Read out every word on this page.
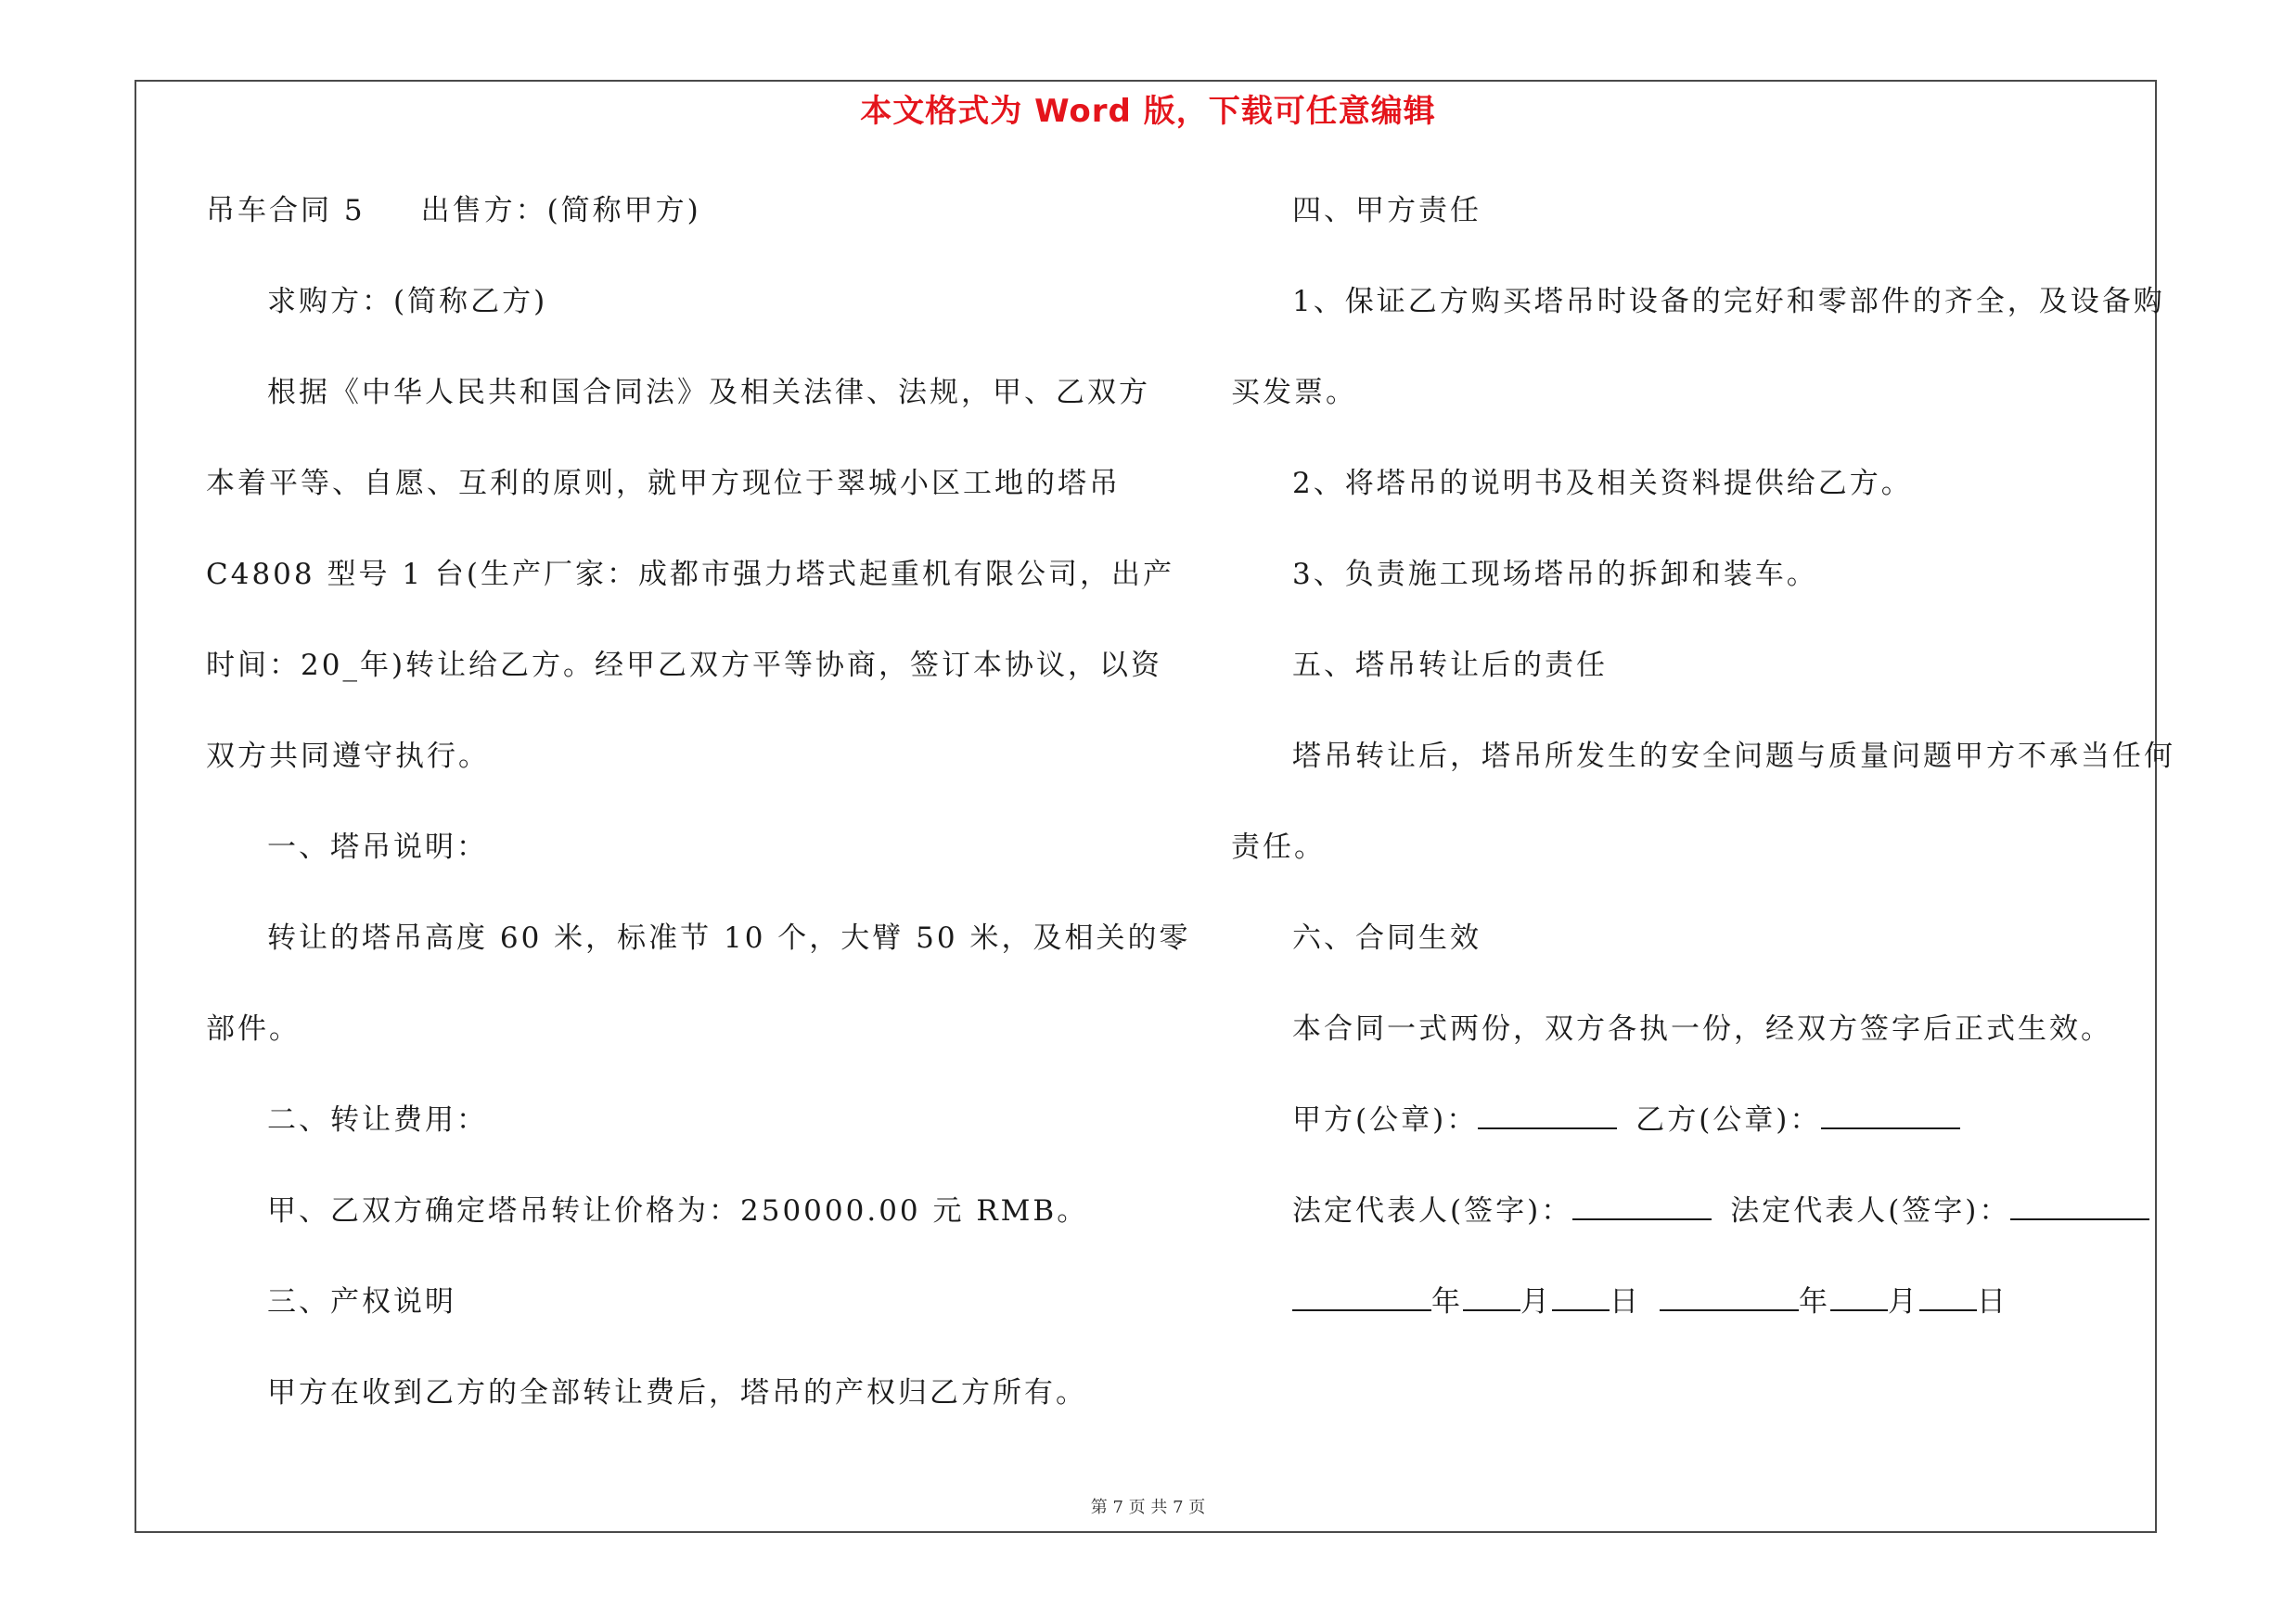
本文格式为 Word 版，下载可任意编辑
吊车合同 5 出售方：(简称甲方)
求购方：(简称乙方)
根据《中华人民共和国合同法》及相关法律、法规，甲、乙双方
本着平等、自愿、互利的原则，就甲方现位于翠城小区工地的塔吊
C4808 型号 1 台(生产厂家：成都市强力塔式起重机有限公司，出产
时间：20_年)转让给乙方。经甲乙双方平等协商，签订本协议，以资
双方共同遵守执行。
一、塔吊说明：
转让的塔吊高度 60 米，标准节 10 个，大臂 50 米，及相关的零
部件。
二、转让费用：
甲、乙双方确定塔吊转让价格为：250000.00 元 RMB。
三、产权说明
甲方在收到乙方的全部转让费后，塔吊的产权归乙方所有。
四、甲方责任
1、保证乙方购买塔吊时设备的完好和零部件的齐全，及设备购
买发票。
2、将塔吊的说明书及相关资料提供给乙方。
3、负责施工现场塔吊的拆卸和装车。
五、塔吊转让后的责任
塔吊转让后，塔吊所发生的安全问题与质量问题甲方不承当任何
责任。
六、合同生效
本合同一式两份，双方各执一份，经双方签字后正式生效。
甲方(公章)：	乙方(公章)：
法定代表人(签字)：	法定代表人(签字)：
年 月 日	年 月 日
第 7 页 共 7 页
